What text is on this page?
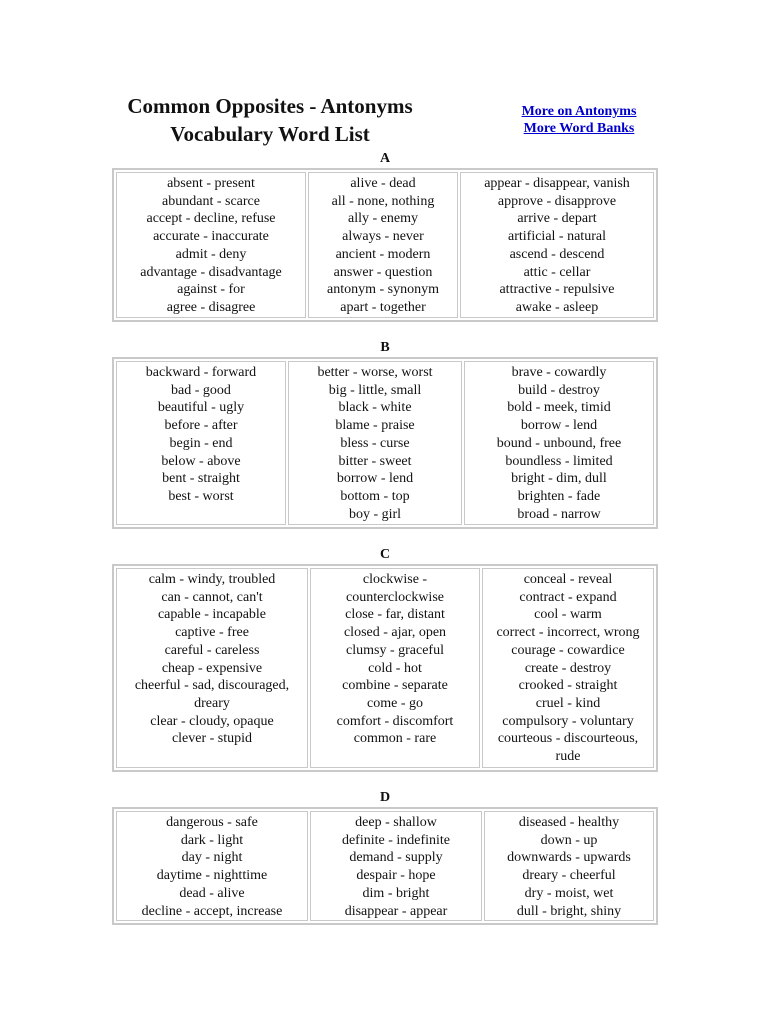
Common Opposites - Antonyms
Vocabulary Word List
More on Antonyms
More Word Banks
A
absent - present
abundant - scarce
accept - decline, refuse
accurate - inaccurate
admit - deny
advantage - disadvantage
against - for
agree - disagree
alive - dead
all - none, nothing
ally - enemy
always - never
ancient - modern
answer - question
antonym - synonym
apart - together
appear - disappear, vanish
approve - disapprove
arrive - depart
artificial - natural
ascend - descend
attic - cellar
attractive - repulsive
awake - asleep
B
backward - forward
bad - good
beautiful - ugly
before - after
begin - end
below - above
bent - straight
best - worst
better - worse, worst
big - little, small
black - white
blame - praise
bless - curse
bitter - sweet
borrow - lend
bottom - top
boy - girl
brave - cowardly
build - destroy
bold - meek, timid
borrow - lend
bound - unbound, free
boundless - limited
bright - dim, dull
brighten - fade
broad - narrow
C
calm - windy, troubled
can - cannot, can't
capable - incapable
captive - free
careful - careless
cheap - expensive
cheerful - sad, discouraged, dreary
clear - cloudy, opaque
clever - stupid
clockwise - counterclockwise
close - far, distant
closed - ajar, open
clumsy - graceful
cold - hot
combine - separate
come - go
comfort - discomfort
common - rare
conceal - reveal
contract - expand
cool - warm
correct - incorrect, wrong
courage - cowardice
create - destroy
crooked - straight
cruel - kind
compulsory - voluntary
courteous - discourteous, rude
D
dangerous - safe
dark - light
day - night
daytime - nighttime
dead - alive
decline - accept, increase
deep - shallow
definite - indefinite
demand - supply
despair - hope
dim - bright
disappear - appear
diseased - healthy
down - up
downwards - upwards
dreary - cheerful
dry - moist, wet
dull - bright, shiny
